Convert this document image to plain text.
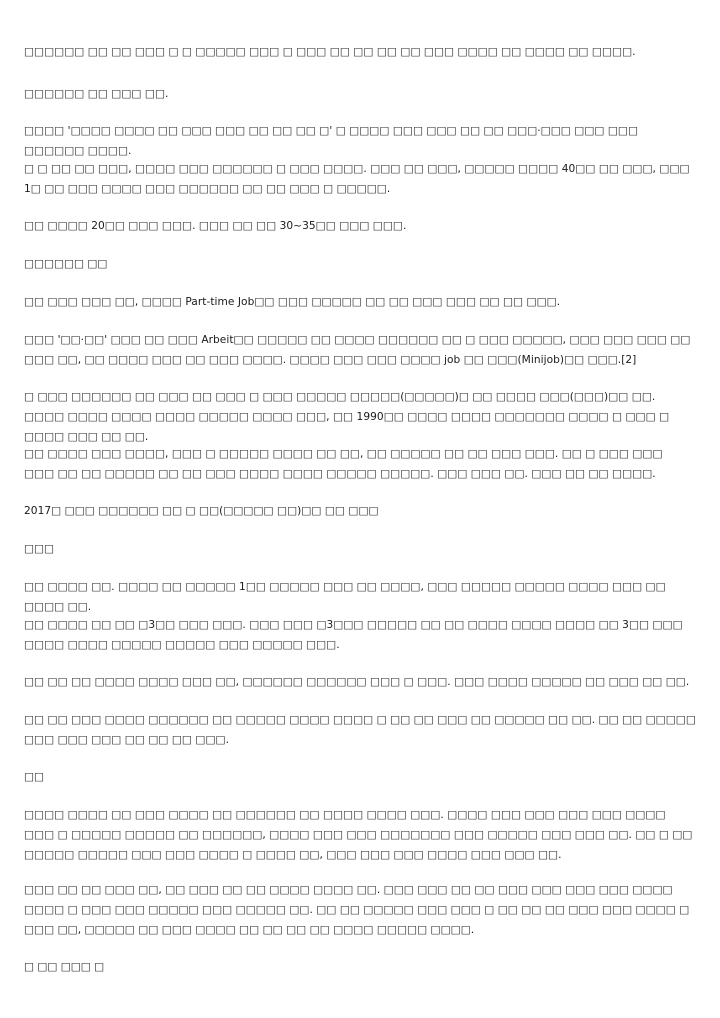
□□□□□□ □□ □□ □□□ □ □ □□□□□ □□□ □ □□□ □□ □□ □□ □□ □□□ □□□□ □□ □□□□ □□ □□□□.
□□□□□□ □□ □□□ □□.
□□□□ '□□□□ □□□□ □□ □□□ □□□ □□ □□ □□ □' □ □□□□ □□□ □□□ □□ □□ □□□·□□□ □□□ □□□ □□□□□□ □□□□.
□ □ □□ □□ □□□, □□□□ □□□ □□□□□□ □ □□□ □□□□. □□□ □□ □□□, □□□□□ □□□□ 40□□ □□ □□□, □□□ 1□ □□ □□□ □□□□ □□□ □□□□□□ □□ □□ □□□ □ □□□□□.
□□ □□□□ 20□□ □□□ □□□. □□□ □□ □□ 30~35□□ □□□ □□□.
□□□□□□ □□
□□ □□□ □□□ □□, □□□□ Part-time Job□□ □□□ □□□□□ □□ □□ □□□ □□□ □□ □□ □□□.
□□□ '□□·□□' □□□ □□ □□□ Arbeit□□ □□□□□ □□ □□□□ □□□□□□ □□ □ □□□ □□□□□, □□□ □□□ □□□ □□ □□□ □□, □□ □□□□ □□□ □□ □□□ □□□□. □□□□ □□□ □□□ □□□□ job □□ □□□(Minijob)□□ □□□.[2]
□ □□□ □□□□□□ □□ □□□ □□ □□□ □ □□□ □□□□□ □□□□□(□□□□□)□ □□ □□□□ □□□(□□□)□□ □□. □□□□ □□□□ □□□□ □□□□ □□□□□ □□□□ □□□, □□ 1990□□ □□□□ □□□□ □□□□□□□ □□□□ □ □□□ □ □□□□ □□□ □□ □□.
□□ □□□□ □□□ □□□□, □□□ □ □□□□□ □□□□ □□ □□, □□ □□□□□ □□ □□ □□□ □□□. □□ □ □□□ □□□ □□□ □□ □□ □□□□□ □□ □□ □□□ □□□□ □□□□ □□□□□ □□□□□. □□□ □□□ □□. □□□ □□ □□ □□□□.
2017□ □□□ □□□□□□ □□ □ □□(□□□□□ □□)□□ □□ □□□
□□□
□□ □□□□ □□. □□□□ □□ □□□□□ 1□□ □□□□□ □□□ □□ □□□□, □□□ □□□□□ □□□□□ □□□□ □□□ □□ □□□□ □□.
□□ □□□□ □□ □□ □3□□ □□□ □□□. □□□ □□□ □3□□□ □□□□□ □□ □□ □□□□ □□□□ □□□□ □□ 3□□ □□□ □□□□ □□□□ □□□□□ □□□□□ □□□ □□□□□ □□□.
□□ □□ □□ □□□□ □□□□ □□□ □□, □□□□□□ □□□□□□ □□□ □ □□□. □□□ □□□□ □□□□□ □□ □□□ □□ □□.
□□ □□ □□□ □□□□ □□□□□□ □□ □□□□□ □□□□ □□□□ □ □□ □□ □□□ □□ □□□□□ □□ □□. □□ □□ □□□□□ □□□ □□□ □□□ □□ □□ □□ □□□.
□□
□□□□ □□□□ □□ □□□ □□□□ □□ □□□□□□ □□ □□□□ □□□□ □□□. □□□□ □□□ □□□ □□□ □□□ □□□□ □□□ □ □□□□□ □□□□□ □□ □□□□□□, □□□□ □□□ □□□ □□□□□□□ □□□ □□□□□ □□□ □□□ □□. □□ □ □□ □□□□□ □□□□□ □□□ □□□ □□□□ □ □□□□ □□, □□□ □□□ □□□ □□□□ □□□ □□□ □□.
□□□ □□ □□ □□□ □□, □□ □□□ □□ □□ □□□□ □□□□ □□. □□□ □□□ □□ □□ □□□ □□□ □□□ □□□ □□□□ □□□□ □ □□□ □□□ □□□□□ □□□ □□□□□ □□. □□ □□ □□□□□ □□□ □□□ □ □□ □□ □□ □□□ □□□ □□□□ □ □□□ □□, □□□□□ □□ □□□ □□□□ □□ □□ □□ □□ □□□□ □□□□□ □□□□.
□ □□ □□□ □
